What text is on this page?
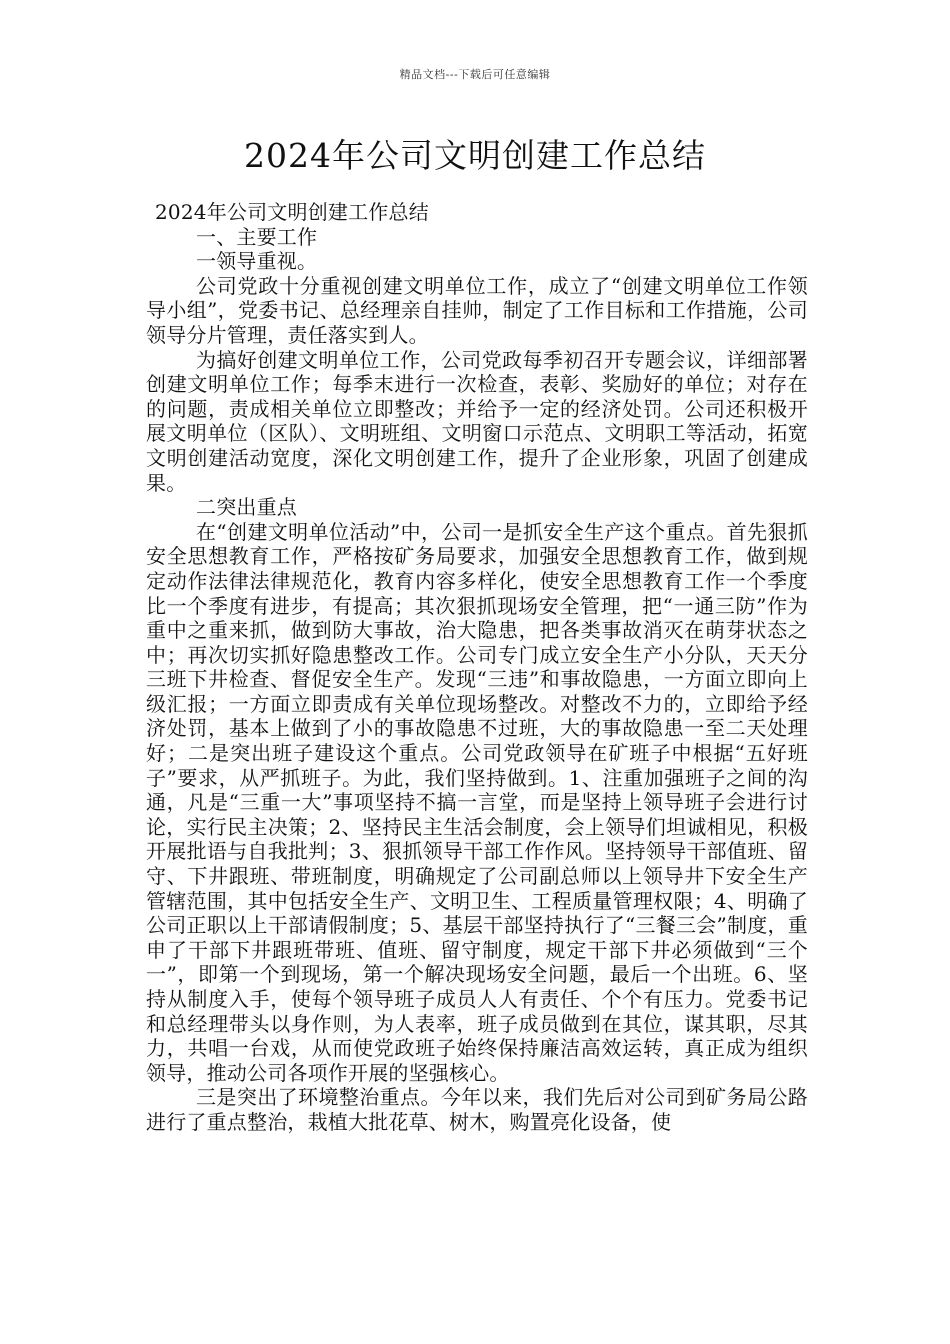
精品文档---下载后可任意编辑
2024年公司文明创建工作总结

2024年公司文明创建工作总结

一、主要工作

一领导重视。

公司党政十分重视创建文明单位工作，成立了“创建文明单位工作领导小组”，党委书记、总经理亲自挂帅，制定了工作目标和工作措施，公司领导分片管理，责任落实到人。

为搞好创建文明单位工作，公司党政每季初召开专题会议，详细部署创建文明单位工作；每季末进行一次检查，表彰、奖励好的单位；对存在的问题，责成相关单位立即整改；并给予一定的经济处罚。公司还积极开展文明单位（区队）、文明班组、文明窗口示范点、文明职工等活动，拓宽文明创建活动宽度，深化文明创建工作，提升了企业形象，巩固了创建成果。

二突出重点

在“创建文明单位活动”中，公司一是抓安全生产这个重点。首先狠抓安全思想教育工作，严格按矿务局要求，加强安全思想教育工作，做到规定动作法律法律规范化，教育内容多样化，使安全思想教育工作一个季度比一个季度有进步，有提高；其次狠抓现场安全管理，把“一通三防”作为重中之重来抓，做到防大事故，治大隐患，把各类事故消灭在萌芽状态之中；再次切实抓好隐患整改工作。公司专门成立安全生产小分队，天天分三班下井检查、督促安全生产。发现“三违”和事故隐患，一方面立即向上级汇报；一方面立即责成有关单位现场整改。对整改不力的，立即给予经济处罚，基本上做到了小的事故隐患不过班，大的事故隐患一至二天处理好；二是突出班子建设这个重点。公司党政领导在矿班子中根据“五好班子”要求，从严抓班子。为此，我们坚持做到。1、注重加强班子之间的沟通，凡是“三重一大”事项坚持不搞一言堂，而是坚持上领导班子会进行讨论，实行民主决策；2、坚持民主生活会制度，会上领导们坦诚相见，积极开展批语与自我批判；3、狠抓领导干部工作作风。坚持领导干部值班、留守、下井跟班、带班制度，明确规定了公司副总师以上领导井下安全生产管辖范围，其中包括安全生产、文明卫生、工程质量管理权限；4、明确了公司正职以上干部请假制度；5、基层干部坚持执行了“三餐三会”制度，重申了干部下井跟班带班、值班、留守制度，规定干部下井必须做到“三个一”，即第一个到现场，第一个解决现场安全问题，最后一个出班。6、坚持从制度入手，使每个领导班子成员人人有责任、个个有压力。党委书记和总经理带头以身作则，为人表率，班子成员做到在其位，谋其职，尽其力，共唱一台戏，从而使党政班子始终保持廉洁高效运转，真正成为组织领导，推动公司各项作开展的坚强核心。

三是突出了环境整治重点。今年以来，我们先后对公司到矿务局公路进行了重点整治，栽植大批花草、树木，购置亮化设备，使
